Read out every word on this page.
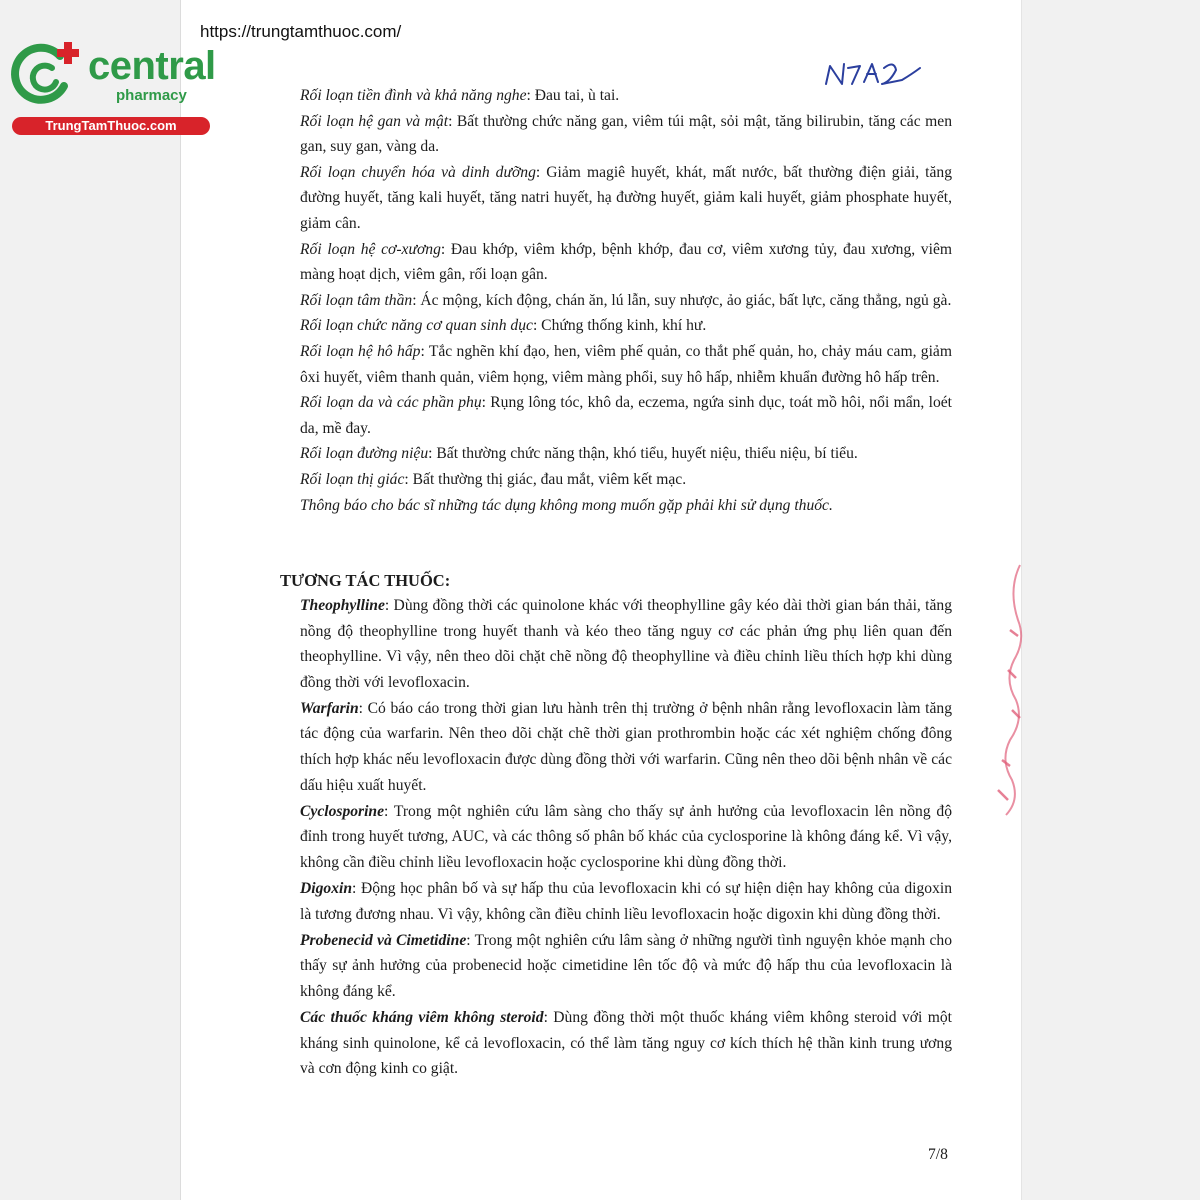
https://trungtamthuoc.com/
central
pharmacy
TrungTamThuoc.com

Rối loạn tiền đình và khả năng nghe: Đau tai, ù tai.

Rối loạn hệ gan và mật: Bất thường chức năng gan, viêm túi mật, sỏi mật, tăng bilirubin, tăng các men gan, suy gan, vàng da.

Rối loạn chuyển hóa và dinh dưỡng: Giảm magiê huyết, khát, mất nước, bất thường điện giải, tăng đường huyết, tăng kali huyết, tăng natri huyết, hạ đường huyết, giảm kali huyết, giảm phosphate huyết, giảm cân.

Rối loạn hệ cơ-xương: Đau khớp, viêm khớp, bệnh khớp, đau cơ, viêm xương tủy, đau xương, viêm màng hoạt dịch, viêm gân, rối loạn gân.

Rối loạn tâm thần: Ác mộng, kích động, chán ăn, lú lẫn, suy nhược, ảo giác, bất lực, căng thẳng, ngủ gà.

Rối loạn chức năng cơ quan sinh dục: Chứng thống kinh, khí hư.

Rối loạn hệ hô hấp: Tắc nghẽn khí đạo, hen, viêm phế quản, co thắt phế quản, ho, chảy máu cam, giảm ôxi huyết, viêm thanh quản, viêm họng, viêm màng phổi, suy hô hấp, nhiễm khuẩn đường hô hấp trên.

Rối loạn da và các phần phụ: Rụng lông tóc, khô da, eczema, ngứa sinh dục, toát mồ hôi, nổi mẩn, loét da, mề đay.

Rối loạn đường niệu: Bất thường chức năng thận, khó tiểu, huyết niệu, thiểu niệu, bí tiểu.

Rối loạn thị giác: Bất thường thị giác, đau mắt, viêm kết mạc.

Thông báo cho bác sĩ những tác dụng không mong muốn gặp phải khi sử dụng thuốc.

TƯƠNG TÁC THUỐC:

Theophylline: Dùng đồng thời các quinolone khác với theophylline gây kéo dài thời gian bán thải, tăng nồng độ theophylline trong huyết thanh và kéo theo tăng nguy cơ các phản ứng phụ liên quan đến theophylline. Vì vậy, nên theo dõi chặt chẽ nồng độ theophylline và điều chỉnh liều thích hợp khi dùng đồng thời với levofloxacin.

Warfarin: Có báo cáo trong thời gian lưu hành trên thị trường ở bệnh nhân rằng levofloxacin làm tăng tác động của warfarin. Nên theo dõi chặt chẽ thời gian prothrombin hoặc các xét nghiệm chống đông thích hợp khác nếu levofloxacin được dùng đồng thời với warfarin. Cũng nên theo dõi bệnh nhân về các dấu hiệu xuất huyết.

Cyclosporine: Trong một nghiên cứu lâm sàng cho thấy sự ảnh hưởng của levofloxacin lên nồng độ đỉnh trong huyết tương, AUC, và các thông số phân bố khác của cyclosporine là không đáng kể. Vì vậy, không cần điều chỉnh liều levofloxacin hoặc cyclosporine khi dùng đồng thời.

Digoxin: Động học phân bố và sự hấp thu của levofloxacin khi có sự hiện diện hay không của digoxin là tương đương nhau. Vì vậy, không cần điều chỉnh liều levofloxacin hoặc digoxin khi dùng đồng thời.

Probenecid và Cimetidine: Trong một nghiên cứu lâm sàng ở những người tình nguyện khỏe mạnh cho thấy sự ảnh hưởng của probenecid hoặc cimetidine lên tốc độ và mức độ hấp thu của levofloxacin là không đáng kể.

Các thuốc kháng viêm không steroid: Dùng đồng thời một thuốc kháng viêm không steroid với một kháng sinh quinolone, kể cả levofloxacin, có thể làm tăng nguy cơ kích thích hệ thần kinh trung ương và cơn động kinh co giật.

7/8
